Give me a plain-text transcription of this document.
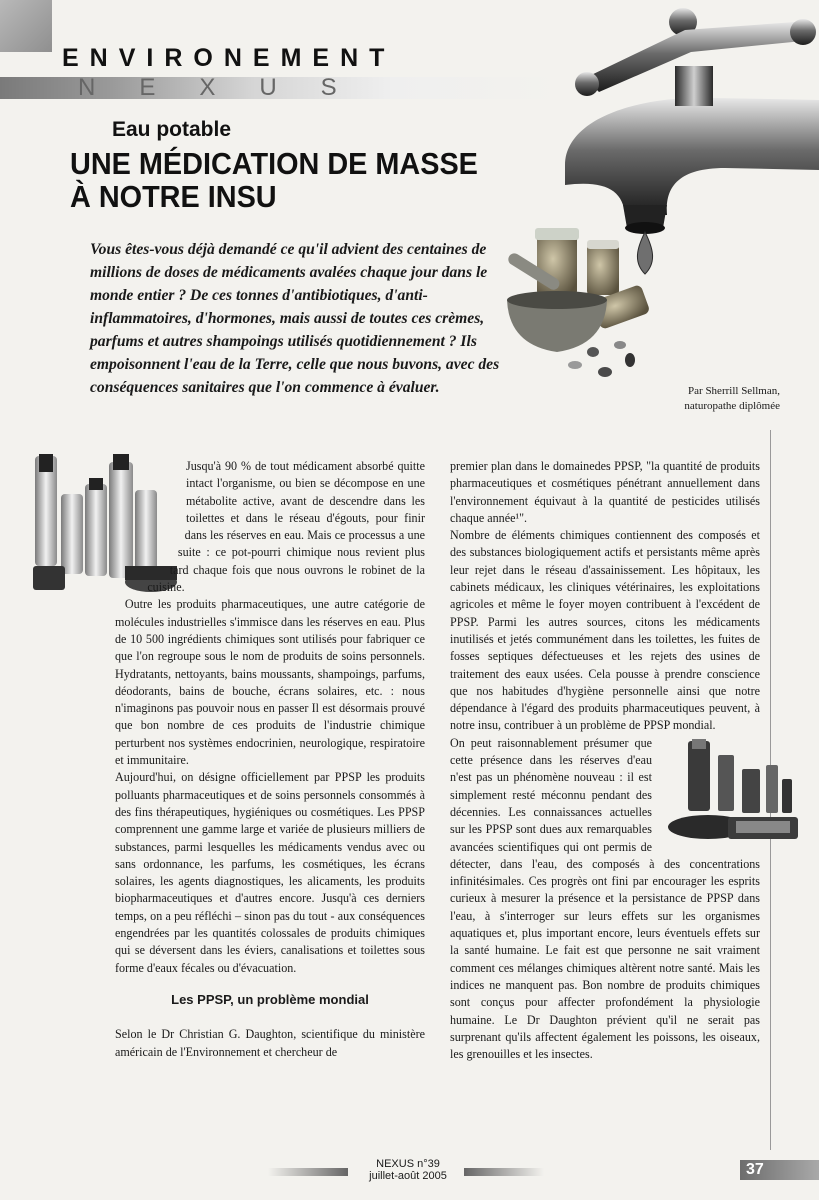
ENVIRONEMENT
NEXUS
Eau potable
UNE MÉDICATION DE MASSE
À NOTRE INSU

Vous êtes-vous déjà demandé ce qu'il advient des centaines de millions de doses de médicaments avalées chaque jour dans le monde entier ? De ces tonnes d'antibiotiques, d'anti-inflammatoires, d'hormones, mais aussi de toutes ces crèmes, parfums et autres shampoings utilisés quotidiennement ? Ils empoisonnent l'eau de la Terre, celle que nous buvons, avec des conséquences sanitaires que l'on commence à évaluer.	Par Sherrill Sellman,
naturopathe diplômée

Jusqu'à 90 % de tout médicament absorbé quitte intact l'organisme, ou bien se décompose en une métabolite active, avant de descendre dans les toilettes et dans le réseau d'égouts, pour finir dans les réserves en eau. Mais ce processus a une suite : ce pot-pourri chimique nous revient plus tard chaque fois que nous ouvrons le robinet de la cuisine.

Outre les produits pharmaceutiques, une autre catégorie de molécules industrielles s'immisce dans les réserves en eau. Plus de 10 500 ingrédients chimiques sont utilisés pour fabriquer ce que l'on regroupe sous le nom de produits de soins personnels. Hydratants, nettoyants, bains moussants, shampoings, parfums, déodorants, bains de bouche, écrans solaires, etc. : nous n'imaginons pas pouvoir nous en passer Il est désormais prouvé que bon nombre de ces produits de l'industrie chimique perturbent nos systèmes endocrinien, neurologique, respiratoire et immunitaire.

Aujourd'hui, on désigne officiellement par PPSP les produits polluants pharmaceutiques et de soins personnels consommés à des fins thérapeutiques, hygiéniques ou cosmétiques. Les PPSP comprennent une gamme large et variée de plusieurs milliers de substances, parmi lesquelles les médicaments vendus avec ou sans ordonnance, les parfums, les cosmétiques, les écrans solaires, les agents diagnostiques, les alicaments, les produits biopharmaceutiques et d'autres encore. Jusqu'à ces derniers temps, on a peu réfléchi – sinon pas du tout - aux conséquences engendrées par les quantités colossales de produits chimiques qui se déversent dans les éviers, canalisations et toilettes sous forme d'eaux fécales ou d'évacuation.

Les PPSP, un problème mondial

Selon le Dr Christian G. Daughton, scientifique du ministère américain de l'Environnement et chercheur de

premier plan dans le domainedes PPSP, "la quantité de produits pharmaceutiques et cosmétiques pénétrant annuellement dans l'environnement équivaut à la quantité de pesticides utilisés chaque année¹".

Nombre de éléments chimiques contiennent des composés et des substances biologiquement actifs et persistants même après leur rejet dans le réseau d'assainissement. Les hôpitaux, les cabinets médicaux, les cliniques vétérinaires, les exploitations agricoles et même le foyer moyen contribuent à l'excédent de PPSP. Parmi les autres sources, citons les médicaments inutilisés et jetés communément dans les toilettes, les fuites de fosses septiques défectueuses et les rejets des usines de traitement des eaux usées. Cela pousse à prendre conscience que nos habitudes d'hygiène personnelle ainsi que notre dépendance à l'égard des produits pharmaceutiques peuvent, à notre insu, contribuer à un problème de PPSP mondial.

On peut raisonnablement présumer que cette présence dans les réserves d'eau n'est pas un phénomène nouveau : il est simplement resté méconnu pendant des décennies. Les connaissances actuelles sur les PPSP sont dues aux remarquables avancées scientifiques qui ont permis de détecter, dans l'eau, des composés à des concentrations infinitésimales. Ces progrès ont fini par encourager les esprits curieux à mesurer la présence et la persistance de PPSP dans l'eau, à s'interroger sur leurs effets sur les organismes aquatiques et, plus important encore, leurs éventuels effets sur la santé humaine. Le fait est que personne ne sait vraiment comment ces mélanges chimiques altèrent notre santé. Mais les indices ne manquent pas. Bon nombre de produits chimiques sont conçus pour affecter profondément la physiologie humaine. Le Dr Daughton prévient qu'il ne serait pas surprenant qu'ils affectent également les poissons, les oiseaux, les grenouilles et les insectes.

NEXUS n°39
juillet-août 2005	37
